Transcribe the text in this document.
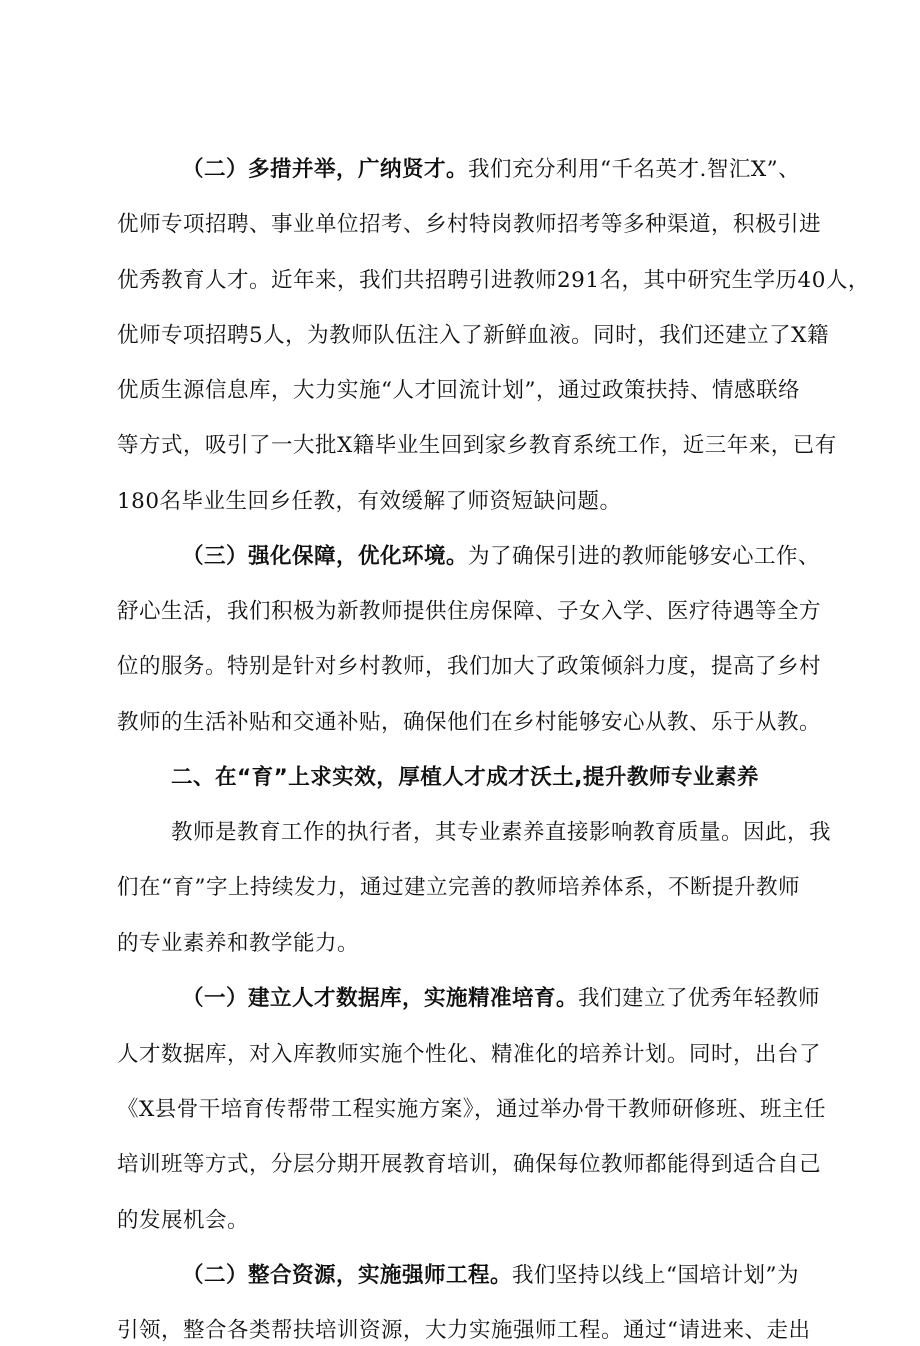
（二）多措并举，广纳贤才。我们充分利用“千名英才.智汇X”、
优师专项招聘、事业单位招考、乡村特岗教师招考等多种渠道，积极引进
优秀教育人才。近年来，我们共招聘引进教师291名，其中研究生学历40人，
优师专项招聘5人，为教师队伍注入了新鲜血液。同时，我们还建立了X籍
优质生源信息库，大力实施“人才回流计划”，通过政策扶持、情感联络
等方式，吸引了一大批X籍毕业生回到家乡教育系统工作，近三年来，已有
180名毕业生回乡任教，有效缓解了师资短缺问题。
（三）强化保障，优化环境。为了确保引进的教师能够安心工作、
舒心生活，我们积极为新教师提供住房保障、子女入学、医疗待遇等全方
位的服务。特别是针对乡村教师，我们加大了政策倾斜力度，提高了乡村
教师的生活补贴和交通补贴，确保他们在乡村能够安心从教、乐于从教。
二、在“育”上求实效，厚植人才成才沃土,提升教师专业素养
教师是教育工作的执行者，其专业素养直接影响教育质量。因此，我
们在“育”字上持续发力，通过建立完善的教师培养体系，不断提升教师
的专业素养和教学能力。
（一）建立人才数据库，实施精准培育。我们建立了优秀年轻教师
人才数据库，对入库教师实施个性化、精准化的培养计划。同时，出台了
《X县骨干培育传帮带工程实施方案》，通过举办骨干教师研修班、班主任
培训班等方式，分层分期开展教育培训，确保每位教师都能得到适合自己
的发展机会。
（二）整合资源，实施强师工程。我们坚持以线上“国培计划”为
引领，整合各类帮扶培训资源，大力实施强师工程。通过“请进来、走出
